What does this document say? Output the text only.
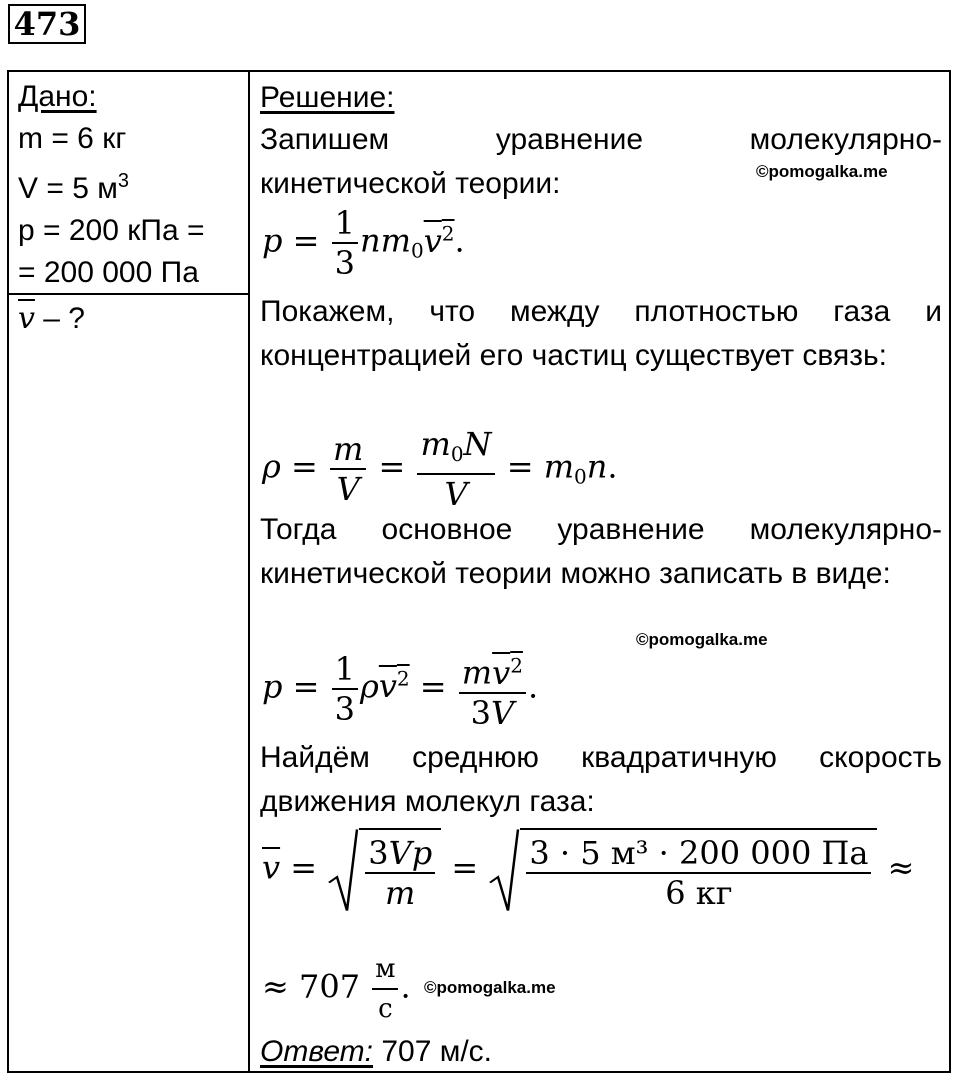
473
Дано:
m = 6 кг
V = 5 $м^3$
p = 200 кПа =
= 200 000 Па
$\overline{v}$ – ?
Решение:
Запишем уравнение молекулярно-
кинетической теории:	©pomogalka.me
$p = \frac{1}{3} nm_0v^2$.
Покажем, что между плотностью газа и концентрацией его частиц существует связь:
$\rho = \frac{m}{V} = \frac{m_0N}{V} = m_0n$.
Тогда основное уравнение молекулярно-кинетической теории можно записать в виде:
©pomogalka.me
$p = \frac{1}{3} \rho v^2 = \frac{mv^2}{3V}$ .
Найдём среднюю квадратичную скорость движения молекул газа:
$\overline{v} = \frac{3Vp}{m} = \frac{\text{3 · 5 м³ · 200 000 Па}}{6 кг}$ ≈
≈ $707 \frac{м}{с}$ . ©pomogalka.me
Ответ: 707 м/с.
